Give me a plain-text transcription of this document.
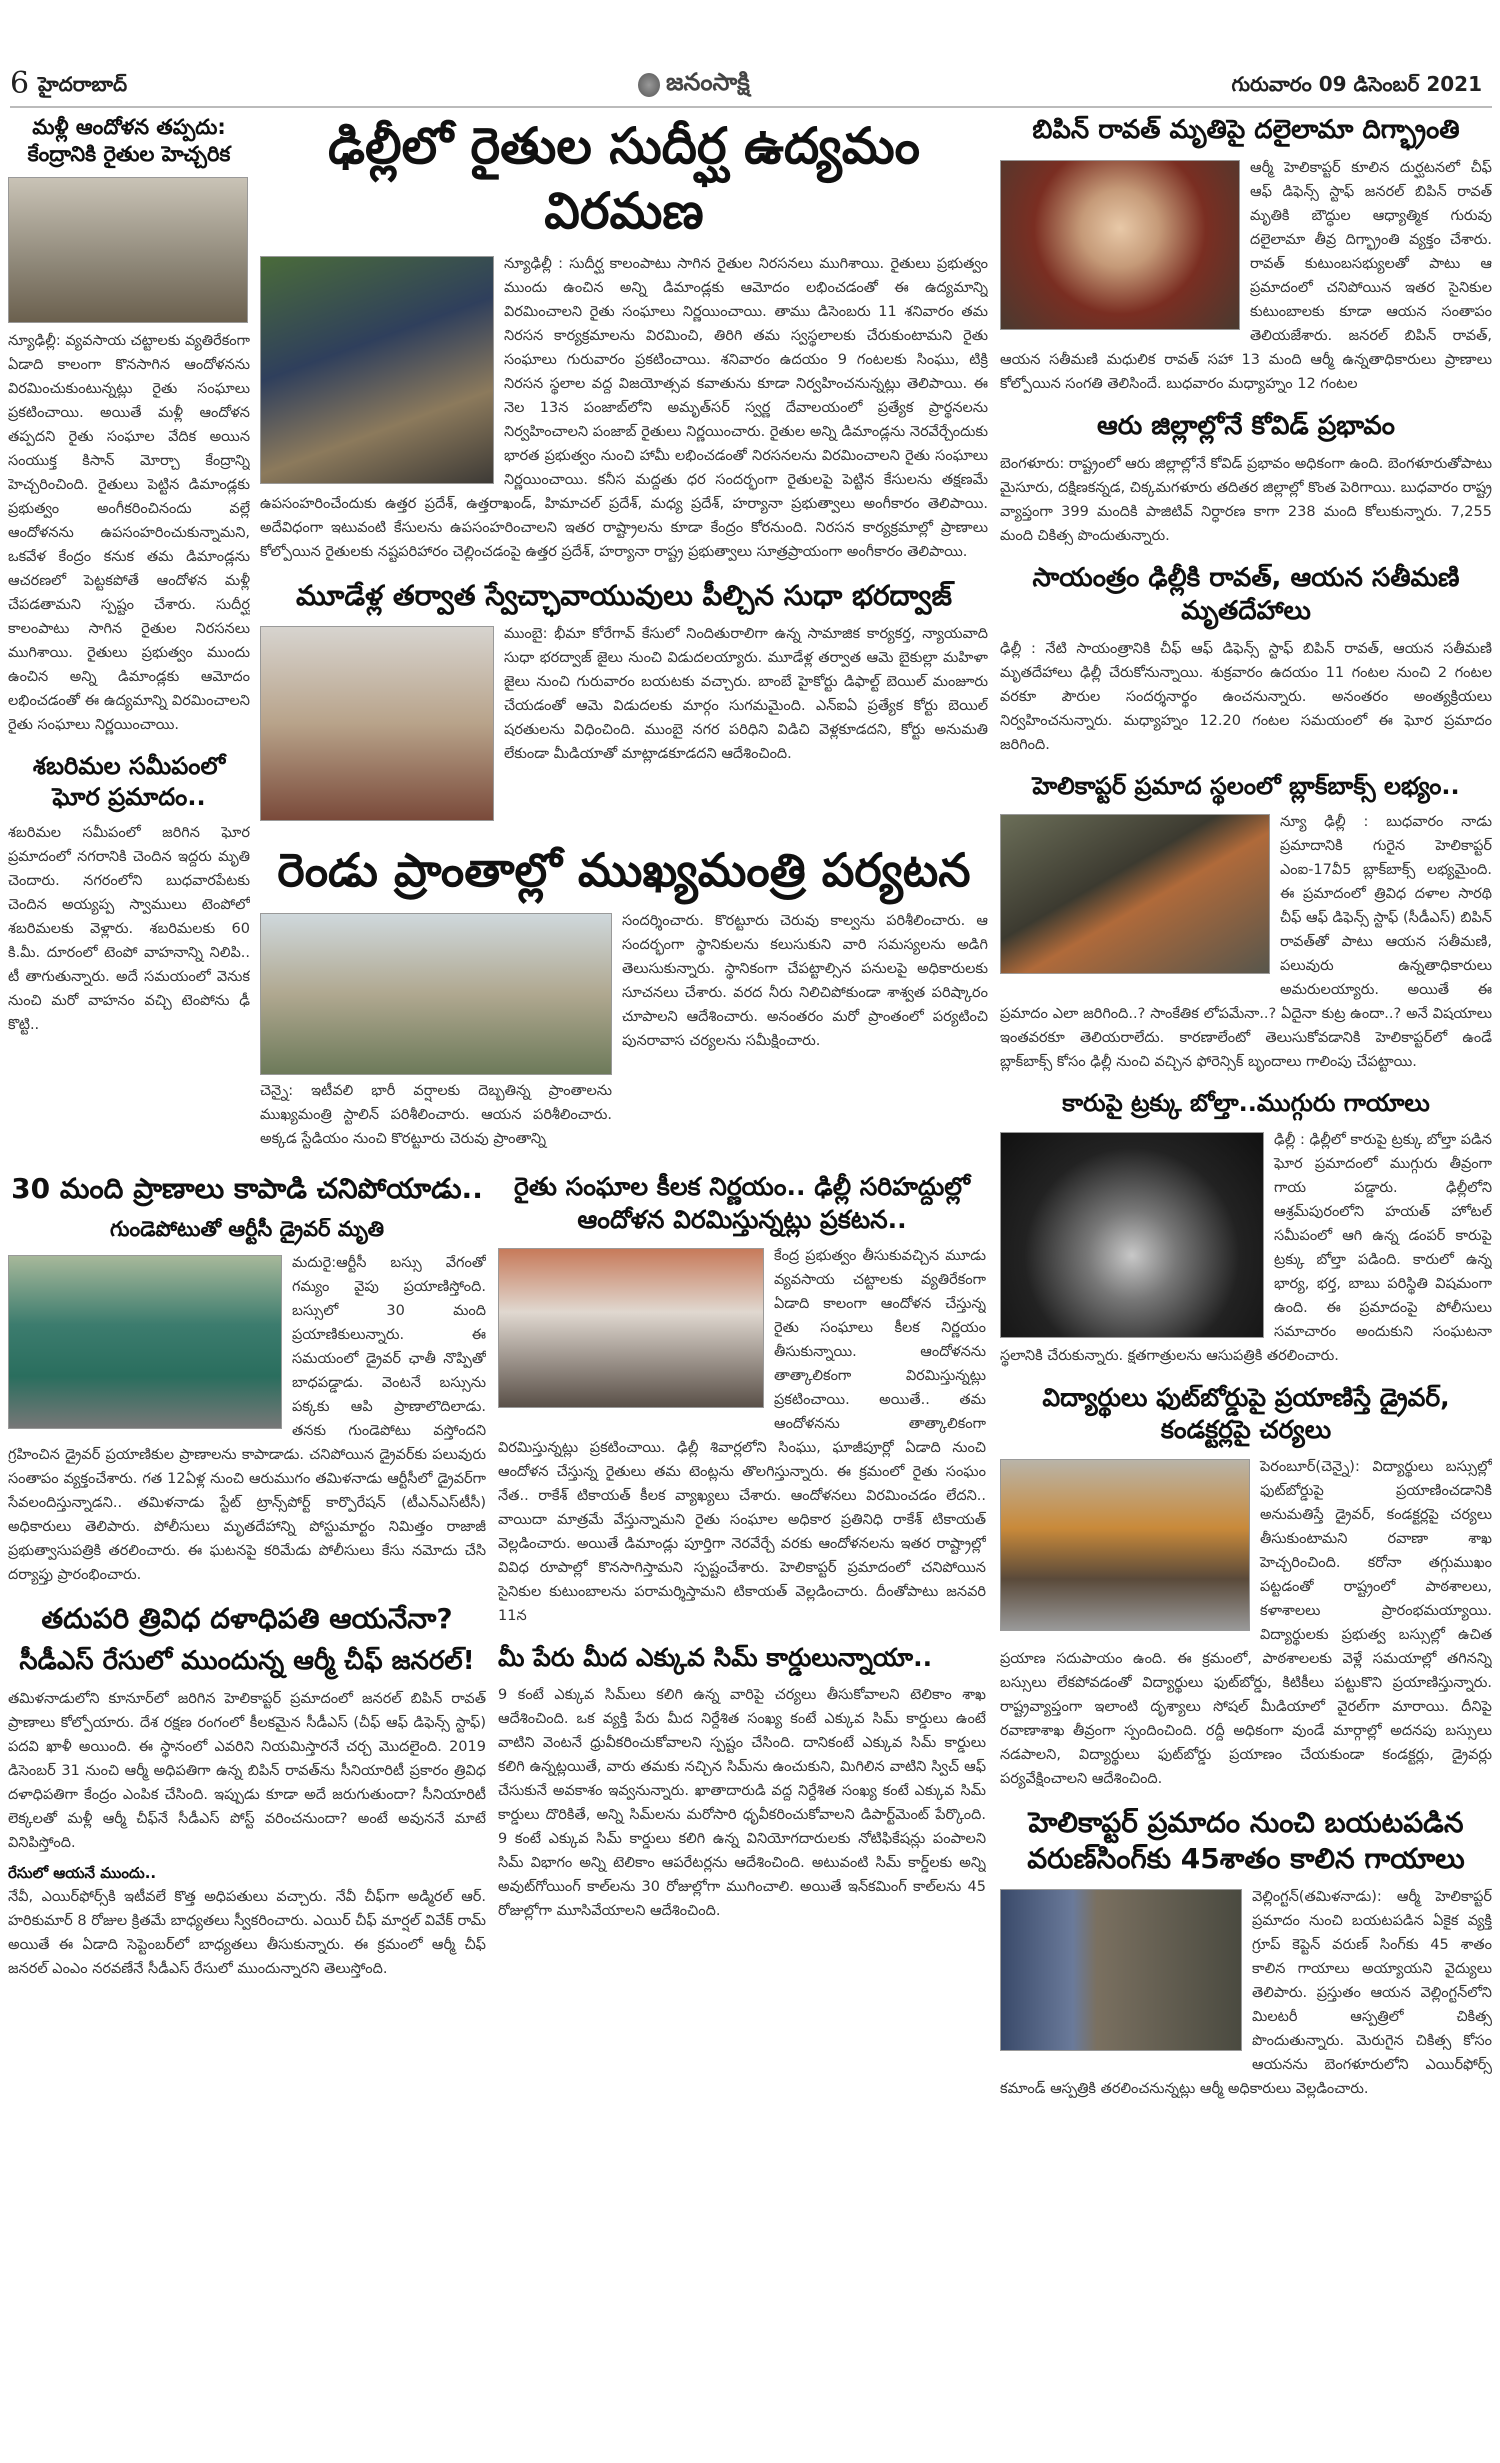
6 హైదరాబాద్	జనంసాక్షి	గురువారం 09 డిసెంబర్ 2021
మళ్లీ ఆందోళన తప్పదు: కేంద్రానికి రైతుల హెచ్చరిక
న్యూఢిల్లీ: వ్యవసాయ చట్టాలకు వ్యతిరేకంగా ఏడాది కాలంగా కొనసాగిన ఆందోళనను విరమించుకుంటున్నట్లు రైతు సంఘాలు ప్రకటించాయి. అయితే మళ్లీ ఆందోళన తప్పదని రైతు సంఘాల వేదిక అయిన సంయుక్త కిసాన్ మోర్చా కేంద్రాన్ని హెచ్చరించింది. రైతులు పెట్టిన డిమాండ్లకు ప్రభుత్వం అంగీకరించినందు వల్లే ఆందోళనను ఉపసంహరించుకున్నామని, ఒకవేళ కేంద్రం కనుక తమ డిమాండ్లను ఆచరణలో పెట్టకపోతే ఆందోళన మళ్లీ చేపడతామని స్పష్టం చేశారు. సుదీర్ఘ కాలంపాటు సాగిన రైతుల నిరసనలు ముగిశాయి. రైతులు ప్రభుత్వం ముందు ఉంచిన అన్ని డిమాండ్లకు ఆమోదం లభించడంతో ఈ ఉద్యమాన్ని విరమించాలని రైతు సంఘాలు నిర్ణయించాయి.
శబరిమల సమీపంలో ఘోర ప్రమాదం..
శబరిమల సమీపంలో జరిగిన ఘోర ప్రమాదంలో నగరానికి చెందిన ఇద్దరు మృతి చెందారు. నగరంలోని బుధవారపేటకు చెందిన అయ్యప్ప స్వాములు టెంపోలో శబరిమలకు వెళ్లారు. శబరిమలకు 60 కి.మీ. దూరంలో టెంపో వాహనాన్ని నిలిపి.. టీ తాగుతున్నారు. అదే సమయంలో వెనుక నుంచి మరో వాహనం వచ్చి టెంపోను ఢీ కొట్టి..
ఢిల్లీలో రైతుల సుదీర్ఘ ఉద్యమం విరమణ
న్యూఢిల్లీ : సుదీర్ఘ కాలంపాటు సాగిన రైతుల నిరసనలు ముగిశాయి. రైతులు ప్రభుత్వం ముందు ఉంచిన అన్ని డిమాండ్లకు ఆమోదం లభించడంతో ఈ ఉద్యమాన్ని విరమించాలని రైతు సంఘాలు నిర్ణయించాయి. తాము డిసెంబరు 11 శనివారం తమ నిరసన కార్యక్రమాలను విరమించి, తిరిగి తమ స్వస్థలాలకు చేరుకుంటామని రైతు సంఘాలు గురువారం ప్రకటించాయి. శనివారం ఉదయం 9 గంటలకు సింఘు, టిక్రి నిరసన స్థలాల వద్ద విజయోత్సవ కవాతును కూడా నిర్వహించనున్నట్లు తెలిపాయి. ఈ నెల 13న పంజాబ్‌లోని అమృత్‌సర్ స్వర్ణ దేవాలయంలో ప్రత్యేక ప్రార్థనలను నిర్వహించాలని పంజాబ్ రైతులు నిర్ణయించారు. రైతుల అన్ని డిమాండ్లను నెరవేర్చేందుకు భారత ప్రభుత్వం నుంచి హామీ లభించడంతో నిరసనలను విరమించాలని రైతు సంఘాలు నిర్ణయించాయి. కనీస మద్దతు ధర సందర్భంగా రైతులపై పెట్టిన కేసులను తక్షణమే ఉపసంహరించేందుకు ఉత్తర ప్రదేశ్, ఉత్తరాఖండ్, హిమాచల్ ప్రదేశ్, మధ్య ప్రదేశ్, హర్యానా ప్రభుత్వాలు అంగీకారం తెలిపాయి. అదేవిధంగా ఇటువంటి కేసులను ఉపసంహరించాలని ఇతర రాష్ట్రాలను కూడా కేంద్రం కోరనుంది. నిరసన కార్యక్రమాల్లో ప్రాణాలు కోల్పోయిన రైతులకు నష్టపరిహారం చెల్లించడంపై ఉత్తర ప్రదేశ్, హర్యానా రాష్ట్ర ప్రభుత్వాలు సూత్రప్రాయంగా అంగీకారం తెలిపాయి.
మూడేళ్ల తర్వాత స్వేచ్ఛావాయువులు పీల్చిన సుధా భరద్వాజ్
ముంబై: భీమా కోరేగావ్ కేసులో నిందితురాలిగా ఉన్న సామాజిక కార్యకర్త, న్యాయవాది సుధా భరద్వాజ్ జైలు నుంచి విడుదలయ్యారు. మూడేళ్ల తర్వాత ఆమె బైకుల్లా మహిళా జైలు నుంచి గురువారం బయటకు వచ్చారు. బాంబే హైకోర్టు డిఫాల్ట్ బెయిల్ మంజూరు చేయడంతో ఆమె విడుదలకు మార్గం సుగమమైంది. ఎన్ఐఏ ప్రత్యేక కోర్టు బెయిల్ షరతులను విధించింది. ముంబై నగర పరిధిని విడిచి వెళ్లకూడదని, కోర్టు అనుమతి లేకుండా మీడియాతో మాట్లాడకూడదని ఆదేశించింది.
రెండు ప్రాంతాల్లో ముఖ్యమంత్రి పర్యటన
చెన్నై: ఇటీవలి భారీ వర్షాలకు దెబ్బతిన్న ప్రాంతాలను ముఖ్యమంత్రి స్టాలిన్ పరిశీలించారు. ఆయన పరిశీలించారు. అక్కడ స్టేడియం నుంచి కొరట్టూరు చెరువు ప్రాంతాన్ని
సందర్శించారు. కొరట్టూరు చెరువు కాల్వను పరిశీలించారు. ఆ సందర్భంగా స్థానికులను కలుసుకుని వారి సమస్యలను అడిగి తెలుసుకున్నారు. స్థానికంగా చేపట్టాల్సిన పనులపై అధికారులకు సూచనలు చేశారు. వరద నీరు నిలిచిపోకుండా శాశ్వత పరిష్కారం చూపాలని ఆదేశించారు. అనంతరం మరో ప్రాంతంలో పర్యటించి పునరావాస చర్యలను సమీక్షించారు.
30 మంది ప్రాణాలు కాపాడి చనిపోయాడు..
గుండెపోటుతో ఆర్టీసీ డ్రైవర్ మృతి
మదురై:ఆర్టీసీ బస్సు వేగంతో గమ్యం వైపు ప్రయాణిస్తోంది. బస్సులో 30 మంది ప్రయాణికులున్నారు. ఈ సమయంలో డ్రైవర్ ఛాతీ నొప్పితో బాధపడ్డాడు. వెంటనే బస్సును పక్కకు ఆపి ప్రాణాలొదిలాడు. తనకు గుండెపోటు వస్తోందని గ్రహించిన డ్రైవర్ ప్రయాణికుల ప్రాణాలను కాపాడాడు. చనిపోయిన డ్రైవర్‌కు పలువురు సంతాపం వ్యక్తంచేశారు. గత 12ఏళ్ల నుంచి ఆరుముగం తమిళనాడు ఆర్టీసీలో డ్రైవర్‌గా సేవలందిస్తున్నాడని.. తమిళనాడు స్టేట్ ట్రాన్స్‌పోర్ట్ కార్పొరేషన్ (టీఎన్‌ఎస్‌టీసీ) అధికారులు తెలిపారు. పోలీసులు మృతదేహాన్ని పోస్టుమార్టం నిమిత్తం రాజాజీ ప్రభుత్వాసుపత్రికి తరలించారు. ఈ ఘటనపై కరిమేడు పోలీసులు కేసు నమోదు చేసి దర్యాప్తు ప్రారంభించారు.
తదుపరి త్రివిధ దళాధిపతి ఆయనేనా?
సీడీఎస్ రేసులో ముందున్న ఆర్మీ చీఫ్ జనరల్!
తమిళనాడులోని కూనూర్‌లో జరిగిన హెలికాప్టర్ ప్రమాదంలో జనరల్ బిపిన్ రావత్ ప్రాణాలు కోల్పోయారు. దేశ రక్షణ రంగంలో కీలకమైన సీడీఎస్ (చీఫ్ ఆఫ్ డిఫెన్స్ స్టాఫ్) పదవి ఖాళీ అయింది. ఈ స్థానంలో ఎవరిని నియమిస్తారనే చర్చ మొదలైంది. 2019 డిసెంబర్ 31 నుంచి ఆర్మీ అధిపతిగా ఉన్న బిపిన్ రావత్‌ను సీనియారిటీ ప్రకారం త్రివిధ దళాధిపతిగా కేంద్రం ఎంపిక చేసింది. ఇప్పుడు కూడా అదే జరుగుతుందా? సీనియారిటీ లెక్కలతో మళ్లీ ఆర్మీ చీఫ్‌నే సీడీఎస్ పోస్ట్ వరించనుందా? అంటే అవుననే మాటే వినిపిస్తోంది.
రేసులో ఆయనే ముందు..
నేవీ, ఎయిర్‌ఫోర్స్‌కి ఇటీవలే కొత్త అధిపతులు వచ్చారు. నేవీ చీఫ్‌గా అడ్మిరల్ ఆర్. హరికుమార్ 8 రోజుల క్రితమే బాధ్యతలు స్వీకరించారు. ఎయిర్ చీఫ్ మార్షల్ వివేక్ రామ్ అయితే ఈ ఏడాది సెప్టెంబర్‌లో బాధ్యతలు తీసుకున్నారు. ఈ క్రమంలో ఆర్మీ చీఫ్ జనరల్ ఎంఎం నరవణేనే సీడీఎస్ రేసులో ముందున్నారని తెలుస్తోంది.
రైతు సంఘాల కీలక నిర్ణయం.. ఢిల్లీ సరిహద్దుల్లో ఆందోళన విరమిస్తున్నట్లు ప్రకటన..
కేంద్ర ప్రభుత్వం తీసుకువచ్చిన మూడు వ్యవసాయ చట్టాలకు వ్యతిరేకంగా ఏడాది కాలంగా ఆందోళన చేస్తున్న రైతు సంఘాలు కీలక నిర్ణయం తీసుకున్నాయి. ఆందోళనను తాత్కాలికంగా విరమిస్తున్నట్లు ప్రకటించాయి. అయితే.. తమ ఆందోళనను తాత్కాలికంగా విరమిస్తున్నట్లు ప్రకటించాయి. ఢిల్లీ శివార్లలోని సింఘు, ఘాజీపూర్లో ఏడాది నుంచి ఆందోళన చేస్తున్న రైతులు తమ టెంట్లను తొలగిస్తున్నారు. ఈ క్రమంలో రైతు సంఘం నేత.. రాకేశ్ టికాయత్ కీలక వ్యాఖ్యలు చేశారు. ఆందోళనలు విరమించడం లేదని.. వాయిదా మాత్రమే వేస్తున్నామని రైతు సంఘాల అధికార ప్రతినిధి రాకేశ్ టికాయత్ వెల్లడించారు. అయితే డిమాండ్లు పూర్తిగా నెరవేర్చే వరకు ఆందోళనలను ఇతర రాష్ట్రాల్లో వివిధ రూపాల్లో కొనసాగిస్తామని స్పష్టంచేశారు. హెలికాప్టర్ ప్రమాదంలో చనిపోయిన సైనికుల కుటుంబాలను పరామర్శిస్తామని టికాయత్ వెల్లడించారు. దీంతోపాటు జనవరి 11న
మీ పేరు మీద ఎక్కువ సిమ్ కార్డులున్నాయా..
9 కంటే ఎక్కువ సిమ్‌లు కలిగి ఉన్న వారిపై చర్యలు తీసుకోవాలని టెలికాం శాఖ ఆదేశించింది. ఒక వ్యక్తి పేరు మీద నిర్దేశిత సంఖ్య కంటే ఎక్కువ సిమ్ కార్డులు ఉంటే వాటిని వెంటనే ధ్రువీకరించుకోవాలని స్పష్టం చేసింది. దానికంటే ఎక్కువ సిమ్ కార్డులు కలిగి ఉన్నట్లయితే, వారు తమకు నచ్చిన సిమ్‌ను ఉంచుకుని, మిగిలిన వాటిని స్విచ్ ఆఫ్ చేసుకునే అవకాశం ఇవ్వనున్నారు. ఖాతాదారుడి వద్ద నిర్దేశిత సంఖ్య కంటే ఎక్కువ సిమ్ కార్డులు దొరికితే, అన్ని సిమ్‌లను మరోసారి ధృవీకరించుకోవాలని డిపార్ట్‌మెంట్ పేర్కొంది. 9 కంటే ఎక్కువ సిమ్ కార్డులు కలిగి ఉన్న వినియోగదారులకు నోటిఫికేషన్లు పంపాలని సిమ్ విభాగం అన్ని టెలికాం ఆపరేటర్లను ఆదేశించింది. అటువంటి సిమ్ కార్డ్‌లకు అన్ని అవుట్‌గోయింగ్ కాల్‌లను 30 రోజుల్లోగా ముగించాలి. అయితే ఇన్‌కమింగ్ కాల్‌లను 45 రోజుల్లోగా మూసివేయాలని ఆదేశించింది.
బిపిన్ రావత్ మృతిపై దలైలామా దిగ్భ్రాంతి
ఆర్మీ హెలికాప్టర్ కూలిన దుర్ఘటనలో చీఫ్ ఆఫ్ డిఫెన్స్ స్టాఫ్ జనరల్ బిపిన్ రావత్ మృతికి బౌద్ధుల ఆధ్యాత్మిక గురువు దలైలామా తీవ్ర దిగ్భ్రాంతి వ్యక్తం చేశారు. రావత్ కుటుంబసభ్యులతో పాటు ఆ ప్రమాదంలో చనిపోయిన ఇతర సైనికుల కుటుంబాలకు కూడా ఆయన సంతాపం తెలియజేశారు. జనరల్ బిపిన్ రావత్, ఆయన సతీమణి మధులిక రావత్ సహా 13 మంది ఆర్మీ ఉన్నతాధికారులు ప్రాణాలు కోల్పోయిన సంగతి తెలిసిందే. బుధవారం మధ్యాహ్నం 12 గంటల
ఆరు జిల్లాల్లోనే కోవిడ్ ప్రభావం
బెంగళూరు: రాష్ట్రంలో ఆరు జిల్లాల్లోనే కోవిడ్ ప్రభావం అధికంగా ఉంది. బెంగళూరుతోపాటు మైసూరు, దక్షిణకన్నడ, చిక్కమగళూరు తదితర జిల్లాల్లో కొంత పెరిగాయి. బుధవారం రాష్ట్ర వ్యాప్తంగా 399 మందికి పాజిటివ్ నిర్ధారణ కాగా 238 మంది కోలుకున్నారు. 7,255 మంది చికిత్స పొందుతున్నారు.
సాయంత్రం ఢిల్లీకి రావత్, ఆయన సతీమణి మృతదేహాలు
ఢిల్లీ : నేటి సాయంత్రానికి చీఫ్ ఆఫ్ డిఫెన్స్ స్టాఫ్ బిపిన్ రావత్, ఆయన సతీమణి మృతదేహాలు ఢిల్లీ చేరుకోనున్నాయి. శుక్రవారం ఉదయం 11 గంటల నుంచి 2 గంటల వరకూ పౌరుల సందర్శనార్థం ఉంచనున్నారు. అనంతరం అంత్యక్రియలు నిర్వహించనున్నారు. మధ్యాహ్నం 12.20 గంటల సమయంలో ఈ ఘోర ప్రమాదం జరిగింది.
హెలికాప్టర్ ప్రమాద స్థలంలో బ్లాక్‌బాక్స్ లభ్యం..
న్యూ ఢిల్లీ : బుధవారం నాడు ప్రమాదానికి గురైన హెలికాప్టర్ ఎంఐ-17వీ5 బ్లాక్‌బాక్స్ లభ్యమైంది. ఈ ప్రమాదంలో త్రివిధ దళాల సారథి చీఫ్ ఆఫ్ డిఫెన్స్ స్టాఫ్ (సీడీఎస్) బిపిన్ రావత్‌తో పాటు ఆయన సతీమణి, పలువురు ఉన్నతాధికారులు అమరులయ్యారు. అయితే ఈ ప్రమాదం ఎలా జరిగింది..? సాంకేతిక లోపమేనా..? ఏదైనా కుట్ర ఉందా..? అనే విషయాలు ఇంతవరకూ తెలియరాలేదు. కారణాలేంటో తెలుసుకోవడానికి హెలికాప్టర్‌లో ఉండే బ్లాక్‌బాక్స్ కోసం ఢిల్లీ నుంచి వచ్చిన ఫోరెన్సిక్ బృందాలు గాలింపు చేపట్టాయి.
కారుపై ట్రక్కు బోల్తా..ముగ్గురు గాయాలు
ఢిల్లీ : ఢిల్లీలో కారుపై ట్రక్కు బోల్తా పడిన ఘోర ప్రమాదంలో ముగ్గురు తీవ్రంగా గాయ పడ్డారు. ఢిల్లీలోని ఆశ్రమ్‌పురంలోని హయత్ హోటల్ సమీపంలో ఆగి ఉన్న డంపర్ కారుపై ట్రక్కు బోల్తా పడింది. కారులో ఉన్న భార్య, భర్త, బాబు పరిస్థితి విషమంగా ఉంది. ఈ ప్రమాదంపై పోలీసులు సమాచారం అందుకుని సంఘటనా స్థలానికి చేరుకున్నారు. క్షతగాత్రులను ఆసుపత్రికి తరలించారు.
విద్యార్థులు ఫుట్‌బోర్డుపై ప్రయాణిస్తే డ్రైవర్, కండక్టర్లపై చర్యలు
పెరంబూర్(చెన్నై): విద్యార్థులు బస్సుల్లో ఫుట్‌బోర్డుపై ప్రయాణించడానికి అనుమతిస్తే డ్రైవర్, కండక్టర్లపై చర్యలు తీసుకుంటామని రవాణా శాఖ హెచ్చరించింది. కరోనా తగ్గుముఖం పట్టడంతో రాష్ట్రంలో పాఠశాలలు, కళాశాలలు ప్రారంభమయ్యాయి. విద్యార్థులకు ప్రభుత్వ బస్సుల్లో ఉచిత ప్రయాణ సదుపాయం ఉంది. ఈ క్రమంలో, పాఠశాలలకు వెళ్లే సమయాల్లో తగినన్ని బస్సులు లేకపోవడంతో విద్యార్థులు ఫుట్‌బోర్డు, కిటికీలు పట్టుకొని ప్రయాణిస్తున్నారు. రాష్ట్రవ్యాప్తంగా ఇలాంటి దృశ్యాలు సోషల్ మీడియాలో వైరల్‌గా మారాయి. దీనిపై రవాణాశాఖ తీవ్రంగా స్పందించింది. రద్దీ అధికంగా వుండే మార్గాల్లో అదనపు బస్సులు నడపాలని, విద్యార్థులు ఫుట్‌బోర్డు ప్రయాణం చేయకుండా కండక్టర్లు, డ్రైవర్లు పర్యవేక్షించాలని ఆదేశించింది.
హెలికాప్టర్ ప్రమాదం నుంచి బయటపడిన వరుణ్‌సింగ్‌కు 45శాతం కాలిన గాయాలు
వెల్లింగ్టన్(తమిళనాడు): ఆర్మీ హెలికాప్టర్ ప్రమాదం నుంచి బయటపడిన ఏకైక వ్యక్తి గ్రూప్ కెప్టెన్ వరుణ్ సింగ్‌కు 45 శాతం కాలిన గాయాలు అయ్యాయని వైద్యులు తెలిపారు. ప్రస్తుతం ఆయన వెల్లింగ్టన్‌లోని మిలటరీ ఆస్పత్రిలో చికిత్స పొందుతున్నారు. మెరుగైన చికిత్స కోసం ఆయనను బెంగళూరులోని ఎయిర్‌ఫోర్స్ కమాండ్ ఆస్పత్రికి తరలించనున్నట్లు ఆర్మీ అధికారులు వెల్లడించారు.
